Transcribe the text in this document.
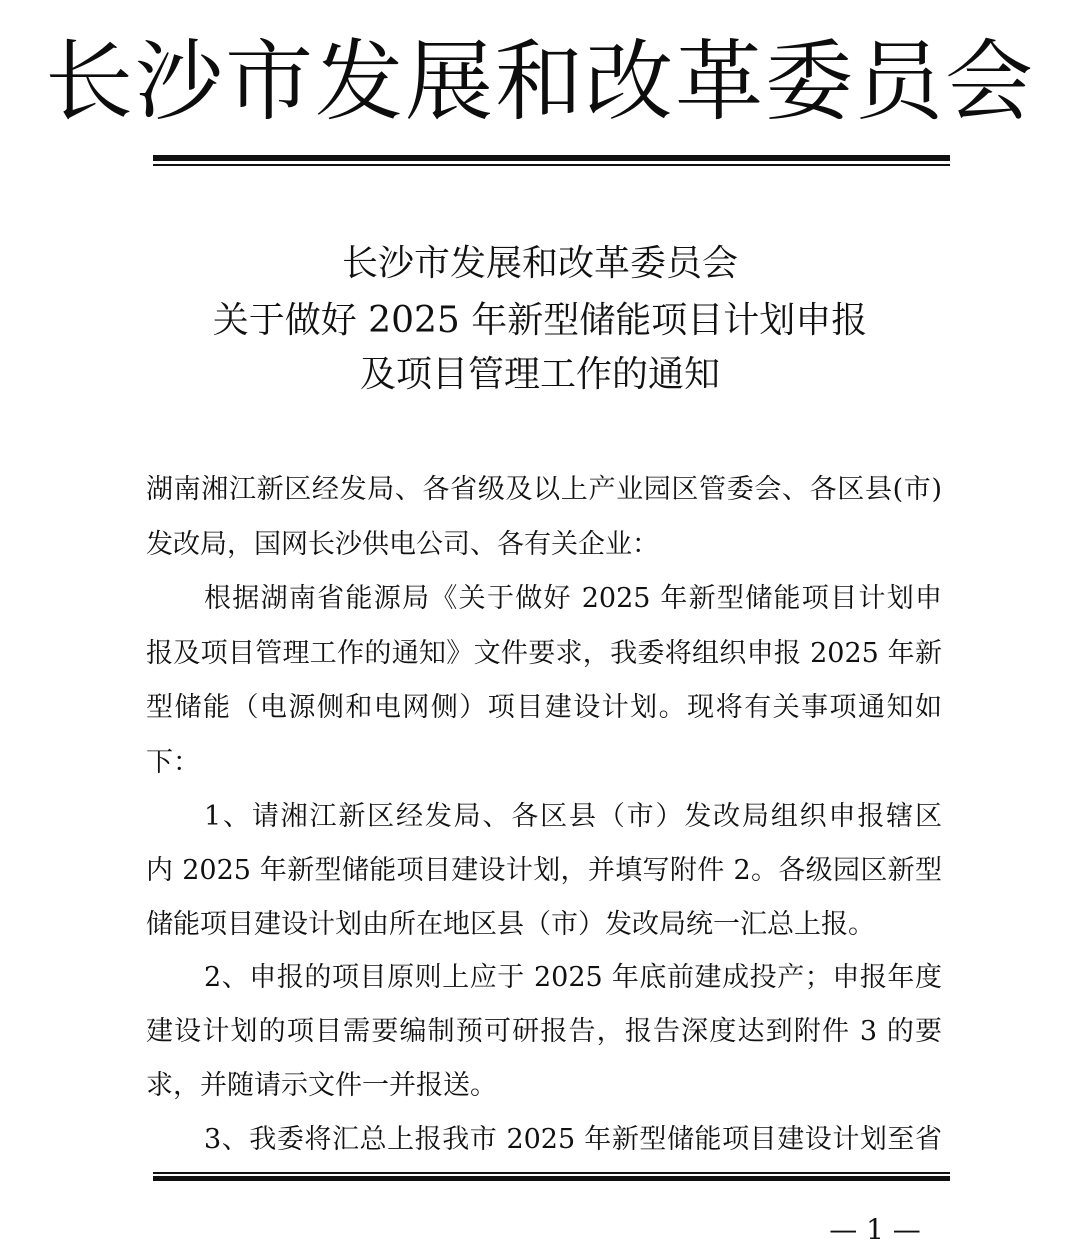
长沙市发展和改革委员会
长沙市发展和改革委员会
关于做好 2025 年新型储能项目计划申报
及项目管理工作的通知
湖南湘江新区经发局、各省级及以上产业园区管委会、各区县(市)
发改局，国网长沙供电公司、各有关企业：
根据湖南省能源局《关于做好 2025 年新型储能项目计划申
报及项目管理工作的通知》文件要求，我委将组织申报 2025 年新
型储能（电源侧和电网侧）项目建设计划。现将有关事项通知如
下：
1、请湘江新区经发局、各区县（市）发改局组织申报辖区
内 2025 年新型储能项目建设计划，并填写附件 2。各级园区新型
储能项目建设计划由所在地区县（市）发改局统一汇总上报。
2、申报的项目原则上应于 2025 年底前建成投产；申报年度
建设计划的项目需要编制预可研报告，报告深度达到附件 3 的要
求，并随请示文件一并报送。
3、我委将汇总上报我市 2025 年新型储能项目建设计划至省
— 1 —
